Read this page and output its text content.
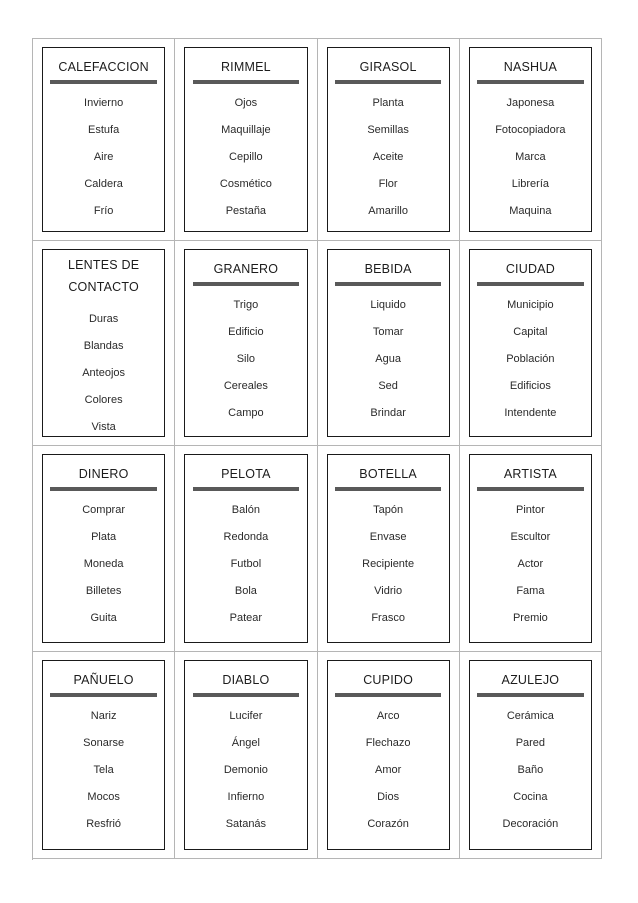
CALEFACCION
Invierno
Estufa
Aire
Caldera
Frío
RIMMEL
Ojos
Maquillaje
Cepillo
Cosmético
Pestaña
GIRASOL
Planta
Semillas
Aceite
Flor
Amarillo
NASHUA
Japonesa
Fotocopiadora
Marca
Librería
Maquina
LENTES DE CONTACTO
Duras
Blandas
Anteojos
Colores
Vista
GRANERO
Trigo
Edificio
Silo
Cereales
Campo
BEBIDA
Liquido
Tomar
Agua
Sed
Brindar
CIUDAD
Municipio
Capital
Población
Edificios
Intendente
DINERO
Comprar
Plata
Moneda
Billetes
Guita
PELOTA
Balón
Redonda
Futbol
Bola
Patear
BOTELLA
Tapón
Envase
Recipiente
Vidrio
Frasco
ARTISTA
Pintor
Escultor
Actor
Fama
Premio
PAÑUELO
Nariz
Sonarse
Tela
Mocos
Resfrió
DIABLO
Lucifer
Ángel
Demonio
Infierno
Satanás
CUPIDO
Arco
Flechazo
Amor
Dios
Corazón
AZULEJO
Cerámica
Pared
Baño
Cocina
Decoración
